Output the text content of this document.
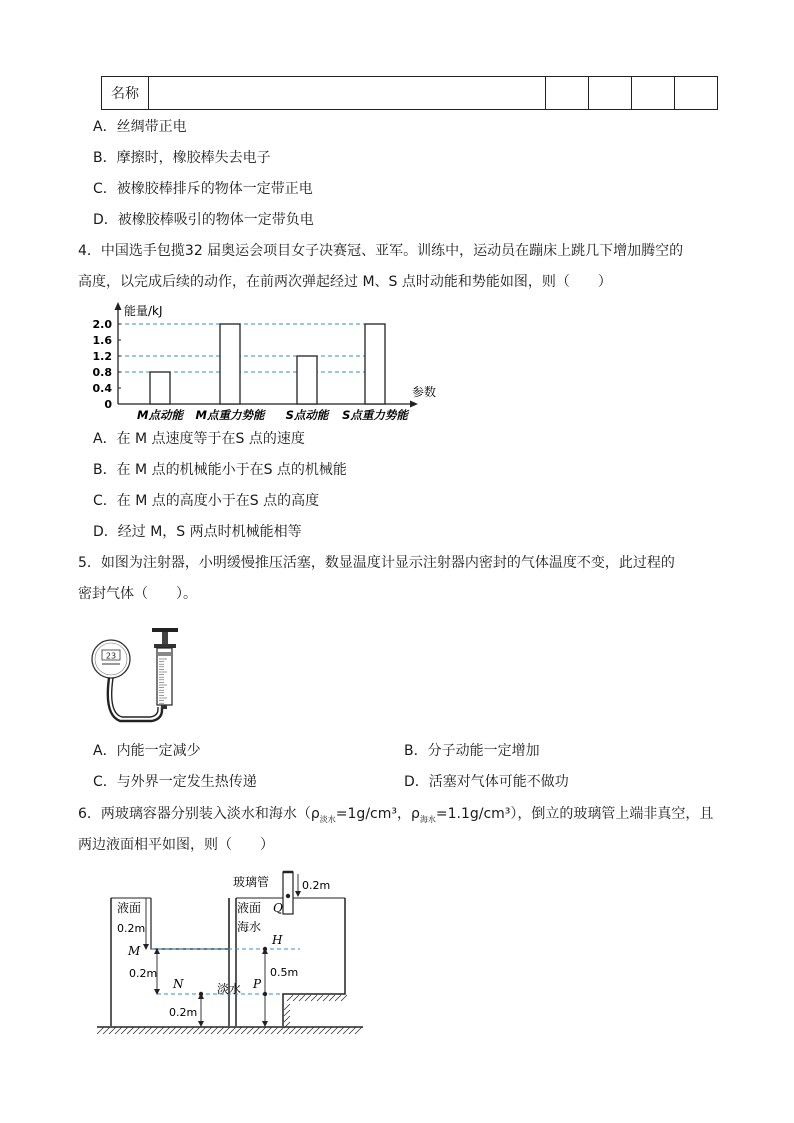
名称					
A．丝绸带正电
B．摩擦时，橡胶棒失去电子
C．被橡胶棒排斥的物体一定带正电
D．被橡胶棒吸引的物体一定带负电
4．中国选手包揽32 届奥运会项目女子决赛冠、亚军。训练中，运动员在蹦床上跳几下增加腾空的
高度，以完成后续的动作，在前两次弹起经过 M、S 点时动能和势能如图，则（　　）
能量/kJ
参数
0
0.4
0.8
1.2
1.6
2.0
M点动能 M点重力势能 S点动能 S点重力势能
A．在 M 点速度等于在S 点的速度
B．在 M 点的机械能小于在S 点的机械能
C．在 M 点的高度小于在S 点的高度
D．经过 M，S 两点时机械能相等
5．如图为注射器，小明缓慢推压活塞，数显温度计显示注射器内密封的气体温度不变，此过程的
密封气体（　　）。
23
A．内能一定减少	B．分子动能一定增加
C．与外界一定发生热传递	D．活塞对气体可能不做功
6．两玻璃容器分别装入淡水和海水（$\rho_{淡水}=1g$/cm³，$\rho_{海水}=1.1g/cm^3$），倒立的玻璃管上端非真空，且
两边液面相平如图，则（　　）
玻璃管
液面	液面
海水
淡水
Q
M
H
N	P
0.2m
0.2m
0.2m	0.5m
0.2m
